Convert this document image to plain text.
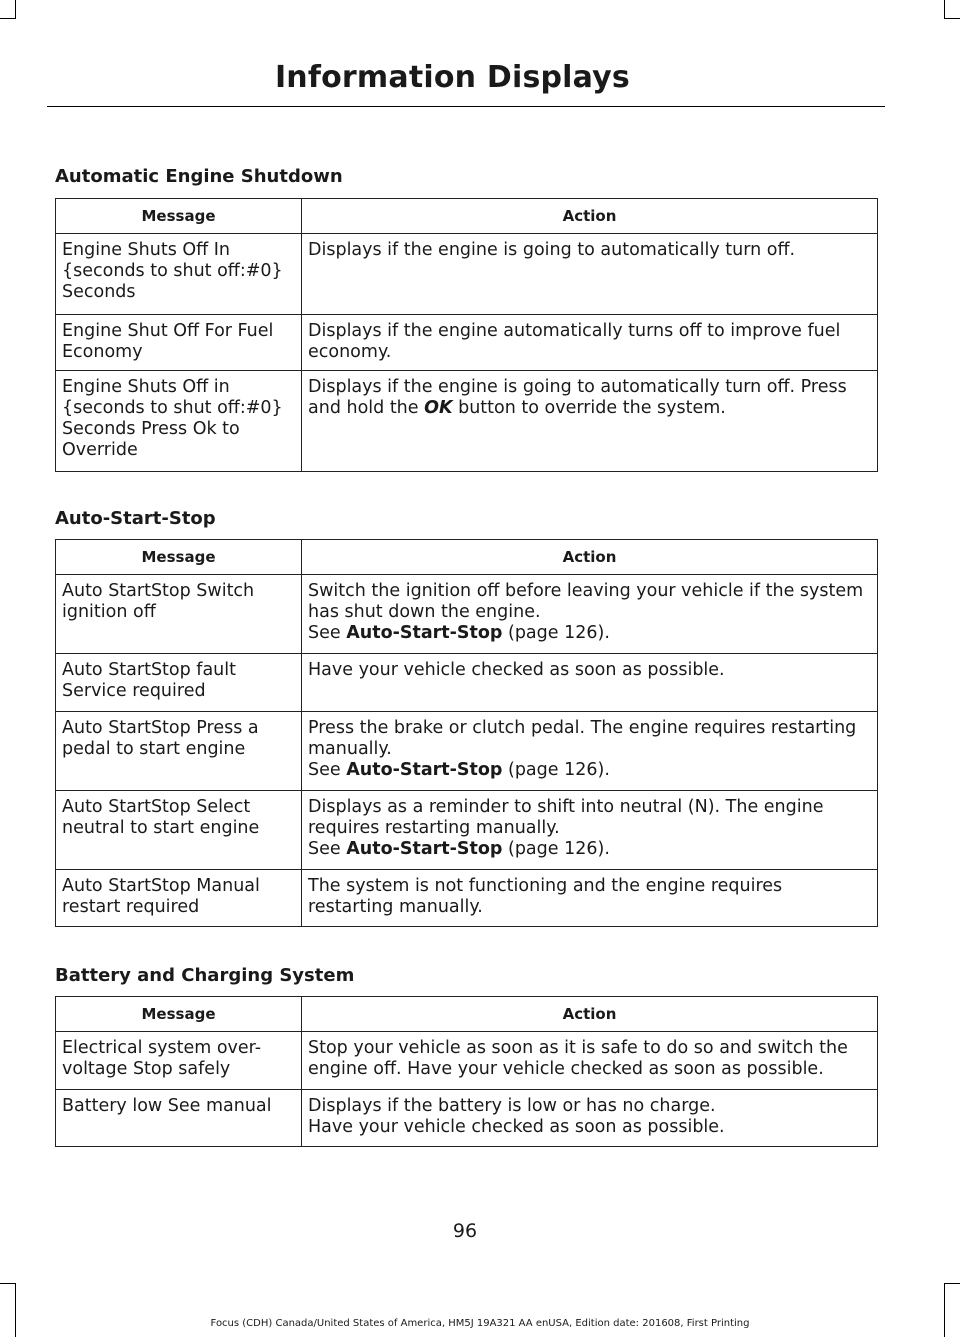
Information Displays
Automatic Engine Shutdown
Message	Action
Engine Shuts Off In {seconds to shut off:#0} Seconds	Displays if the engine is going to automatically turn off.
Engine Shut Off For Fuel Economy	Displays if the engine automatically turns off to improve fuel economy.
Engine Shuts Off in {seconds to shut off:#0} Seconds Press Ok to Override	Displays if the engine is going to automatically turn off. Press and hold the OK button to override the system.
Auto-Start-Stop
Message	Action
Auto StartStop Switch ignition off	Switch the ignition off before leaving your vehicle if the system has shut down the engine.
See Auto-Start-Stop (page 126).
Auto StartStop fault Service required	Have your vehicle checked as soon as possible.
Auto StartStop Press a pedal to start engine	Press the brake or clutch pedal. The engine requires restarting manually.
See Auto-Start-Stop (page 126).
Auto StartStop Select neutral to start engine	Displays as a reminder to shift into neutral (N). The engine requires restarting manually.
See Auto-Start-Stop (page 126).
Auto StartStop Manual restart required	The system is not functioning and the engine requires restarting manually.
Battery and Charging System
Message	Action
Electrical system over-voltage Stop safely	Stop your vehicle as soon as it is safe to do so and switch the engine off. Have your vehicle checked as soon as possible.
Battery low See manual	Displays if the battery is low or has no charge.
Have your vehicle checked as soon as possible.
96
Focus (CDH) Canada/United States of America, HM5J 19A321 AA enUSA, Edition date: 201608, First Printing
